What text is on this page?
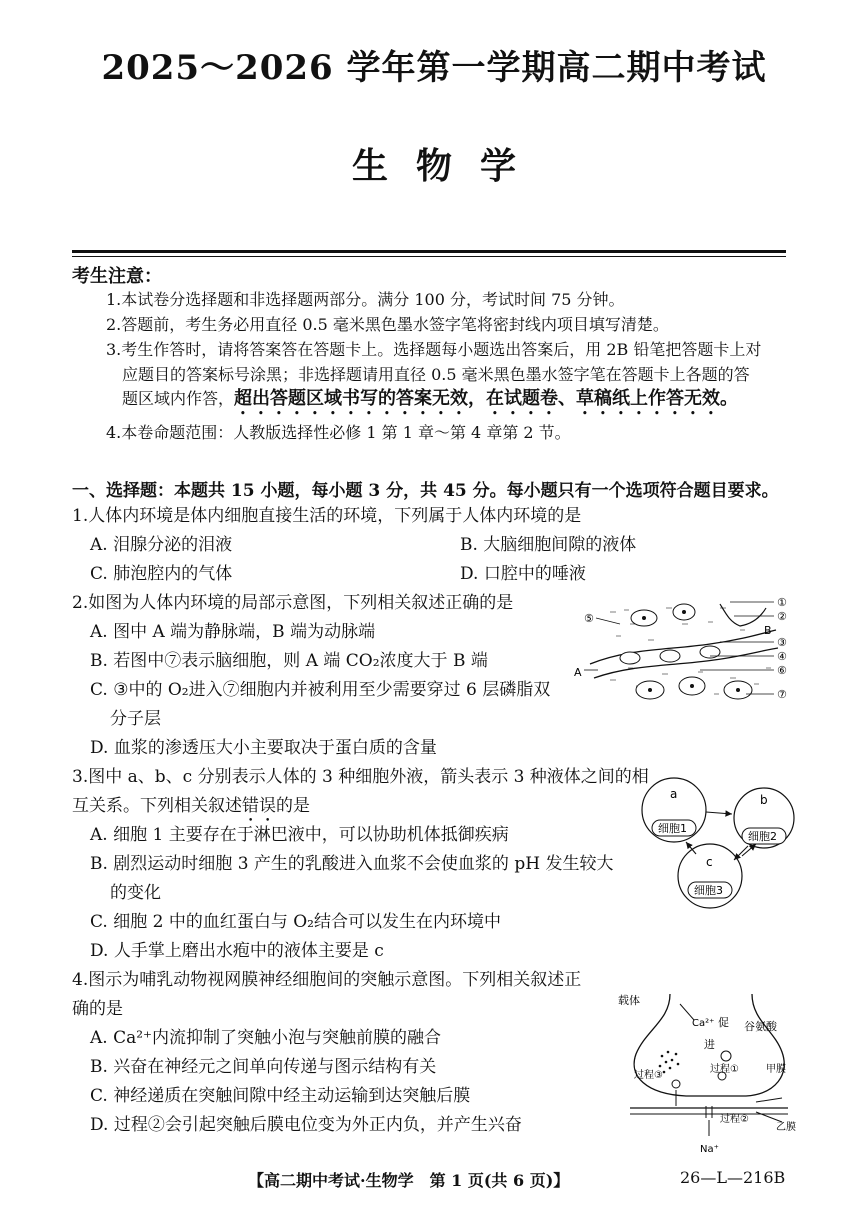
2025～2026 学年第一学期高二期中考试
生物学
考生注意：
1.本试卷分选择题和非选择题两部分。满分 100 分，考试时间 75 分钟。
2.答题前，考生务必用直径 0.5 毫米黑色墨水签字笔将密封线内项目填写清楚。
3.考生作答时，请将答案答在答题卡上。选择题每小题选出答案后，用 2B 铅笔把答题卡上对
应题目的答案标号涂黑；非选择题请用直径 0.5 毫米黑色墨水签字笔在答题卡上各题的答
题区域内作答，超出答题区域书写的答案无效，在试题卷、草稿纸上作答无效。
4.本卷命题范围：人教版选择性必修 1 第 1 章～第 4 章第 2 节。
一、选择题：本题共 15 小题，每小题 3 分，共 45 分。每小题只有一个选项符合题目要求。
1.人体内环境是体内细胞直接生活的环境，下列属于人体内环境的是
A. 泪腺分泌的泪液	B. 大脑细胞间隙的液体
C. 肺泡腔内的气体	D. 口腔中的唾液
2.如图为人体内环境的局部示意图，下列相关叙述正确的是
A. 图中 A 端为静脉端，B 端为动脉端
B. 若图中⑦表示脑细胞，则 A 端 CO₂浓度大于 B 端
C. ③中的 O₂进入⑦细胞内并被利用至少需要穿过 6 层磷脂双
分子层
D. 血浆的渗透压大小主要取决于蛋白质的含量
①
②
③
④
⑥
⑦
⑤
B
A
3.图中 a、b、c 分别表示人体的 3 种细胞外液，箭头表示 3 种液体之间的相
互关系。下列相关叙述错误的是
A. 细胞 1 主要存在于淋巴液中，可以协助机体抵御疾病
B. 剧烈运动时细胞 3 产生的乳酸进入血浆不会使血浆的 pH 发生较大
的变化
C. 细胞 2 中的血红蛋白与 O₂结合可以发生在内环境中
D. 人手掌上磨出水疱中的液体主要是 c
a	b
c
细胞1
细胞2
细胞3
4.图示为哺乳动物视网膜神经细胞间的突触示意图。下列相关叙述正
确的是
A. Ca²⁺内流抑制了突触小泡与突触前膜的融合
B. 兴奋在神经元之间单向传递与图示结构有关
C. 神经递质在突触间隙中经主动运输到达突触后膜
D. 过程②会引起突触后膜电位变为外正内负，并产生兴奋
载体
谷氨酸
Ca²⁺ 促
进
过程①
过程③
甲膜
过程②
乙膜
Na⁺
【高二期中考试·生物学　第 1 页(共 6 页)】	26—L—216B
